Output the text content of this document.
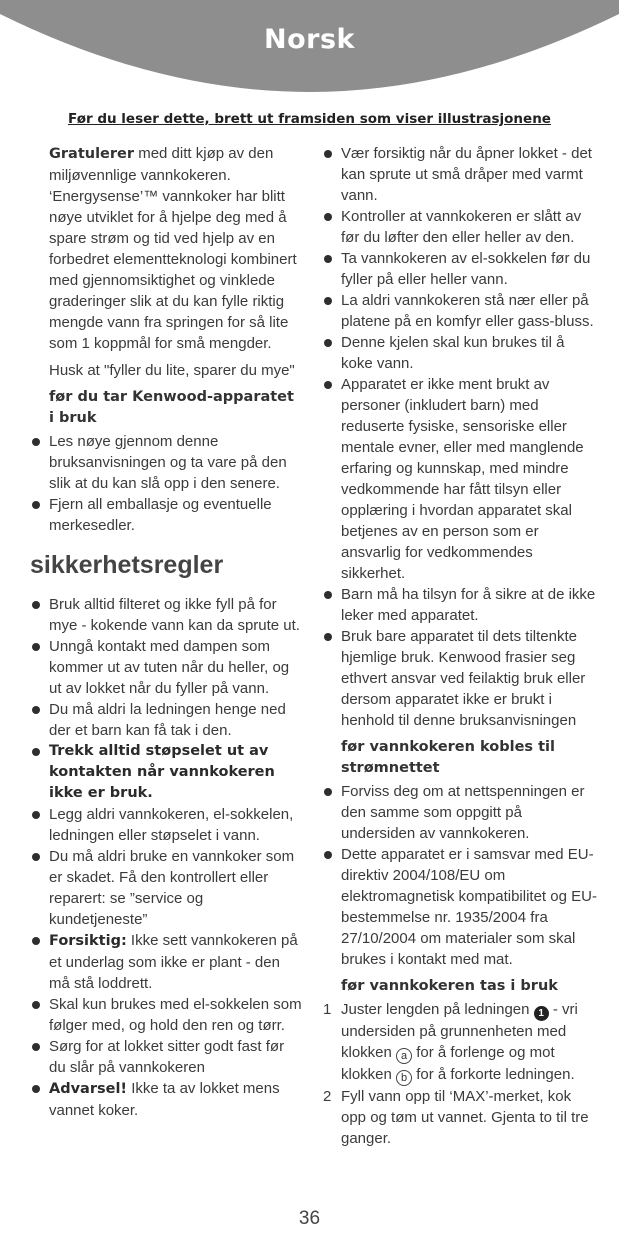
Norsk
Før du leser dette, brett ut framsiden som viser illustrasjonene

Gratulerer med ditt kjøp av den miljøvennlige vannkokeren. ‘Energysense’™ vannkoker har blitt nøye utviklet for å hjelpe deg med å spare strøm og tid ved hjelp av en forbedret elementteknologi kombinert med gjennomsiktighet og vinklede graderinger slik at du kan fylle riktig mengde vann fra springen for så lite som 1 koppmål for små mengder.

Husk at "fyller du lite, sparer du mye"

før du tar Kenwood-apparatet i bruk

Les nøye gjennom denne bruksanvisningen og ta vare på den slik at du kan slå opp i den senere.
Fjern all emballasje og eventuelle merkesedler.
sikkerhetsregler
Bruk alltid filteret og ikke fyll på for mye - kokende vann kan da sprute ut.
Unngå kontakt med dampen som kommer ut av tuten når du heller, og ut av lokket når du fyller på vann.
Du må aldri la ledningen henge ned der et barn kan få tak i den.
Trekk alltid støpselet ut av kontakten når vannkokeren ikke er bruk.
Legg aldri vannkokeren, el-sokkelen, ledningen eller støpselet i vann.
Du må aldri bruke en vannkoker som er skadet. Få den kontrollert eller reparert: se ”service og kundetjeneste”
Forsiktig: Ikke sett vannkokeren på et underlag som ikke er plant - den må stå loddrett.
Skal kun brukes med el-sokkelen som følger med, og hold den ren og tørr.
Sørg for at lokket sitter godt fast før du slår på vannkokeren
Advarsel! Ikke ta av lokket mens vannet koker.
Vær forsiktig når du åpner lokket - det kan sprute ut små dråper med varmt vann.
Kontroller at vannkokeren er slått av før du løfter den eller heller av den.
Ta vannkokeren av el-sokkelen før du fyller på eller heller vann.
La aldri vannkokeren stå nær eller på platene på en komfyr eller gass-bluss.
Denne kjelen skal kun brukes til å koke vann.
Apparatet er ikke ment brukt av personer (inkludert barn) med reduserte fysiske, sensoriske eller mentale evner, eller med manglende erfaring og kunnskap, med mindre vedkommende har fått tilsyn eller opplæring i hvordan apparatet skal betjenes av en person som er ansvarlig for vedkommendes sikkerhet.
Barn må ha tilsyn for å sikre at de ikke leker med apparatet.
Bruk bare apparatet til dets tiltenkte hjemlige bruk. Kenwood frasier seg ethvert ansvar ved feilaktig bruk eller dersom apparatet ikke er brukt i henhold til denne bruksanvisningen

før vannkokeren kobles til strømnettet

Forviss deg om at nettspenningen er den samme som oppgitt på undersiden av vannkokeren.
Dette apparatet er i samsvar med EU-direktiv 2004/108/EU om elektromagnetisk kompatibilitet og EU-bestemmelse nr. 1935/2004 fra 27/10/2004 om materialer som skal brukes i kontakt med mat.

før vannkokeren tas i bruk

1 Juster lengden på ledningen 1 - vri undersiden på grunnenheten med klokken a for å forlenge og mot klokken b for å forkorte ledningen.
2 Fyll vann opp til ‘MAX’-merket, kok opp og tøm ut vannet. Gjenta to til tre ganger.
36
